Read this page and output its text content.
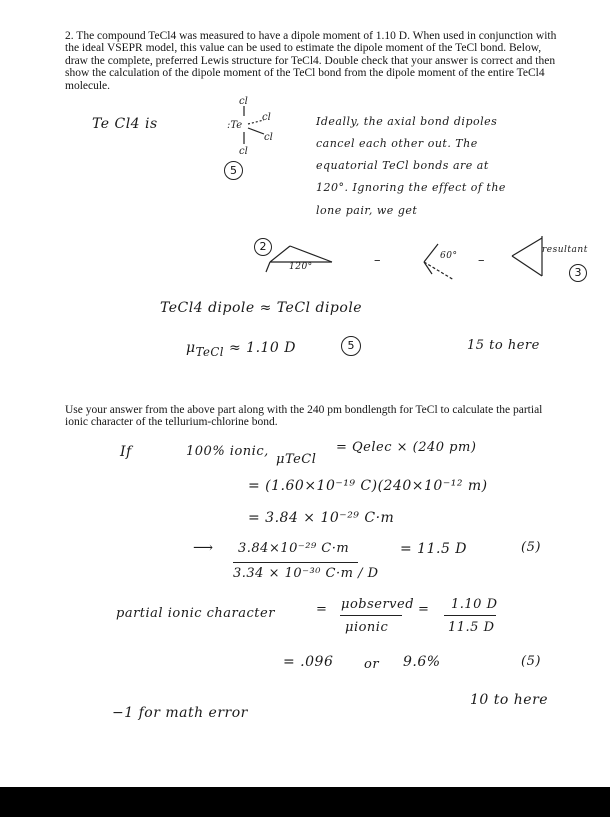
2. The compound TeCl4 was measured to have a dipole moment of 1.10 D. When used in conjunction with the ideal VSEPR model, this value can be used to estimate the dipole moment of the TeCl bond. Below, draw the complete, preferred Lewis structure for TeCl4. Double check that your answer is correct and then show the calculation of the dipole moment of the TeCl bond from the dipole moment of the entire TeCl4 molecule.
Te Cl4 is
cl
:Te
cl
cl
cl
5
Ideally, the axial bond dipoles
cancel each other out. The
equatorial TeCl bonds are at
120°. Ignoring the effect of the
lone pair, we get
2
120°	–	60° –
resultant
3
TeCl4 dipole ≈ TeCl dipole
$\mu_{TeCl} \approx 1.10$ D	5	15 to here
Use your answer from the above part along with the 240 pm bondlength for TeCl to calculate the partial ionic character of the tellurium-chlorine bond.
If	100% ionic,
μTeCl
= Qelec × (240 pm)
= (1.60×10⁻¹⁹ C)(240×10⁻¹² m)
= 3.84 × 10⁻²⁹ C·m
⟶ 3.84×10⁻²⁹ C·m
3.34 × 10⁻³⁰ C·m / D
= 11.5 D	(5)
partial ionic character	= μobserved
μionic
= 1.10 D
11.5 D
= .096 or 9.6%	(5)
10 to here
−1 for math error
